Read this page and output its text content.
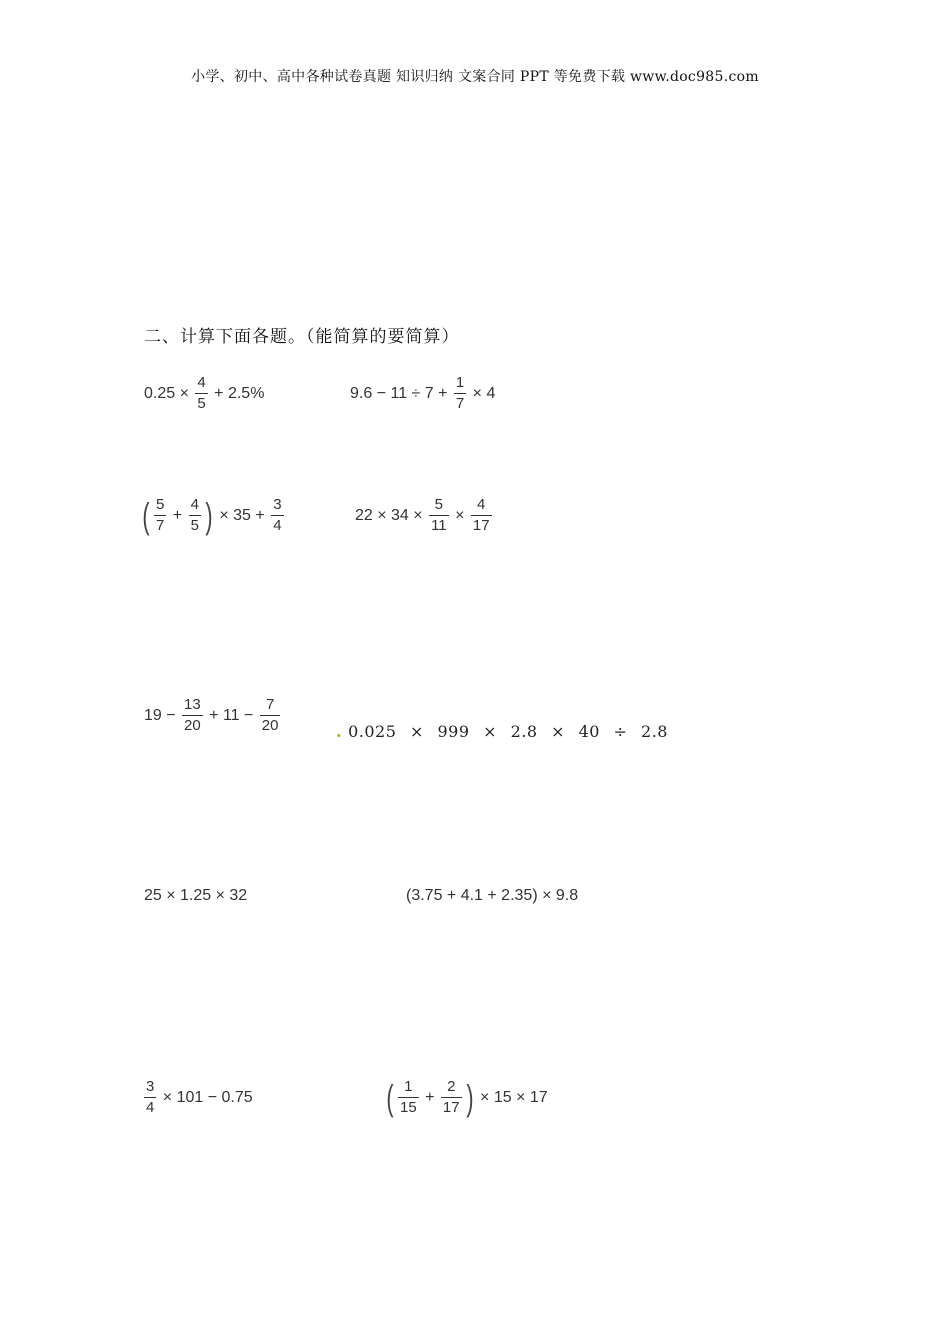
小学、初中、高中各种试卷真题 知识归纳 文案合同 PPT 等免费下载 www.doc985.com
二、计算下面各题。（能简算的要简算）
$0.25 \times \frac{4}{5} + 2.5\%$	$9.6 - 11 \div 7 + \frac{1}{7} \times 4$
( $\frac{5}{7} + \frac{4}{5}$ ) × $35 + \frac{3}{4}$	$22 \times 34 \times \frac{5}{11} \times \frac{4}{17}$
$19 - \frac{13}{20} + 11 - \frac{7}{20}$	. 0.025 × 999 × 2.8 × 40 ÷ 2.8
25 × 1.25 × 32	(3.75 + 4.1 + 2.35) × 9.8
$\frac{3}{4} \times 101 - 0.75$	( $\frac{1}{15} + \frac{2}{17}$ ) × 15 × 17
